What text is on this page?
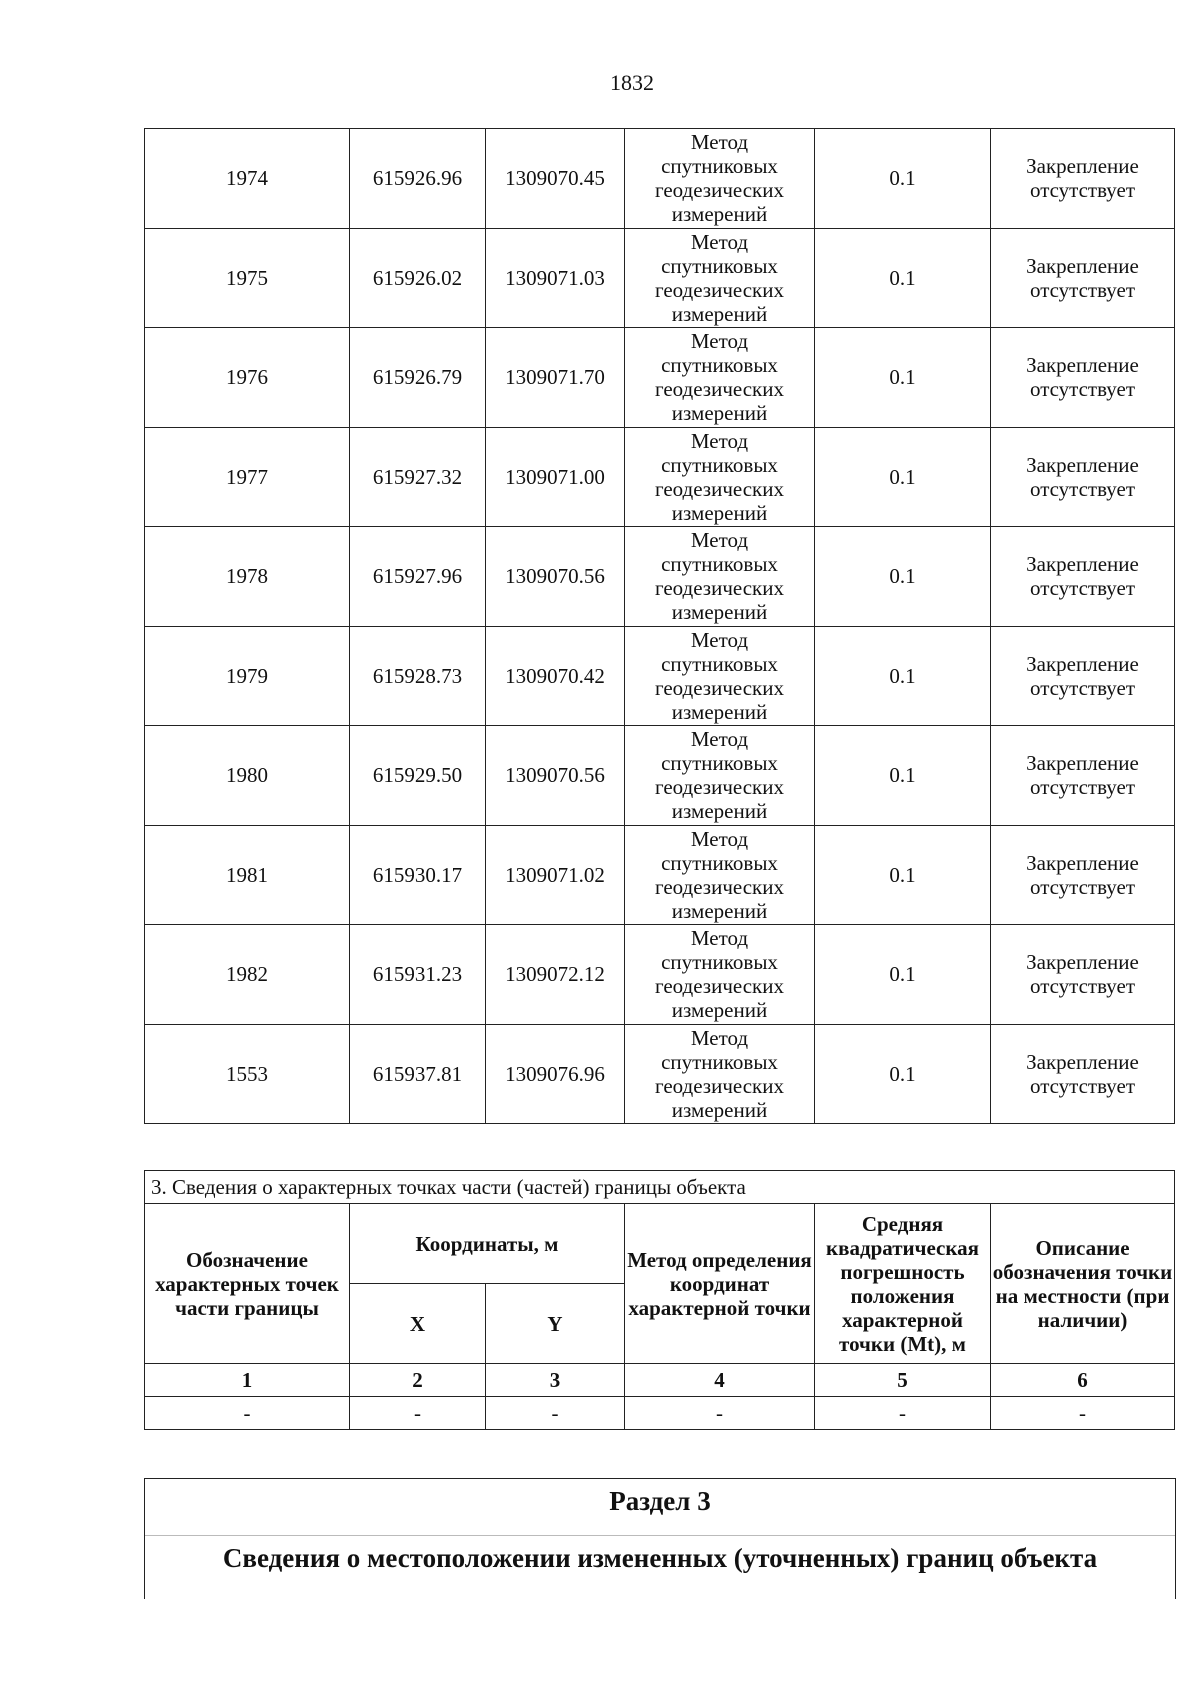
1832
1974	615926.96	1309070.45	Метод
спутниковых
геодезических
измерений	0.1	Закрепление
отсутствует

1975	615926.02	1309071.03	Метод
спутниковых
геодезических
измерений	0.1	Закрепление
отсутствует

1976	615926.79	1309071.70	Метод
спутниковых
геодезических
измерений	0.1	Закрепление
отсутствует

1977	615927.32	1309071.00	Метод
спутниковых
геодезических
измерений	0.1	Закрепление
отсутствует

1978	615927.96	1309070.56	Метод
спутниковых
геодезических
измерений	0.1	Закрепление
отсутствует

1979	615928.73	1309070.42	Метод
спутниковых
геодезических
измерений	0.1	Закрепление
отсутствует

1980	615929.50	1309070.56	Метод
спутниковых
геодезических
измерений	0.1	Закрепление
отсутствует

1981	615930.17	1309071.02	Метод
спутниковых
геодезических
измерений	0.1	Закрепление
отсутствует

1982	615931.23	1309072.12	Метод
спутниковых
геодезических
измерений	0.1	Закрепление
отсутствует

1553	615937.81	1309076.96	Метод
спутниковых
геодезических
измерений	0.1	Закрепление
отсутствует
3. Сведения о характерных точках части (частей) границы объекта					
Обозначение характерных точек части границы	Координаты, м		Метод определения координат характерной точки	Средняя квадратическая погрешность положения характерной точки (Mt), м	Описание обозначения точки на местности (при наличии)
	X	Y			
1	2	3	4	5	6
-	-	-	-	-	-
Раздел 3
Сведения о местоположении измененных (уточненных) границ объекта
